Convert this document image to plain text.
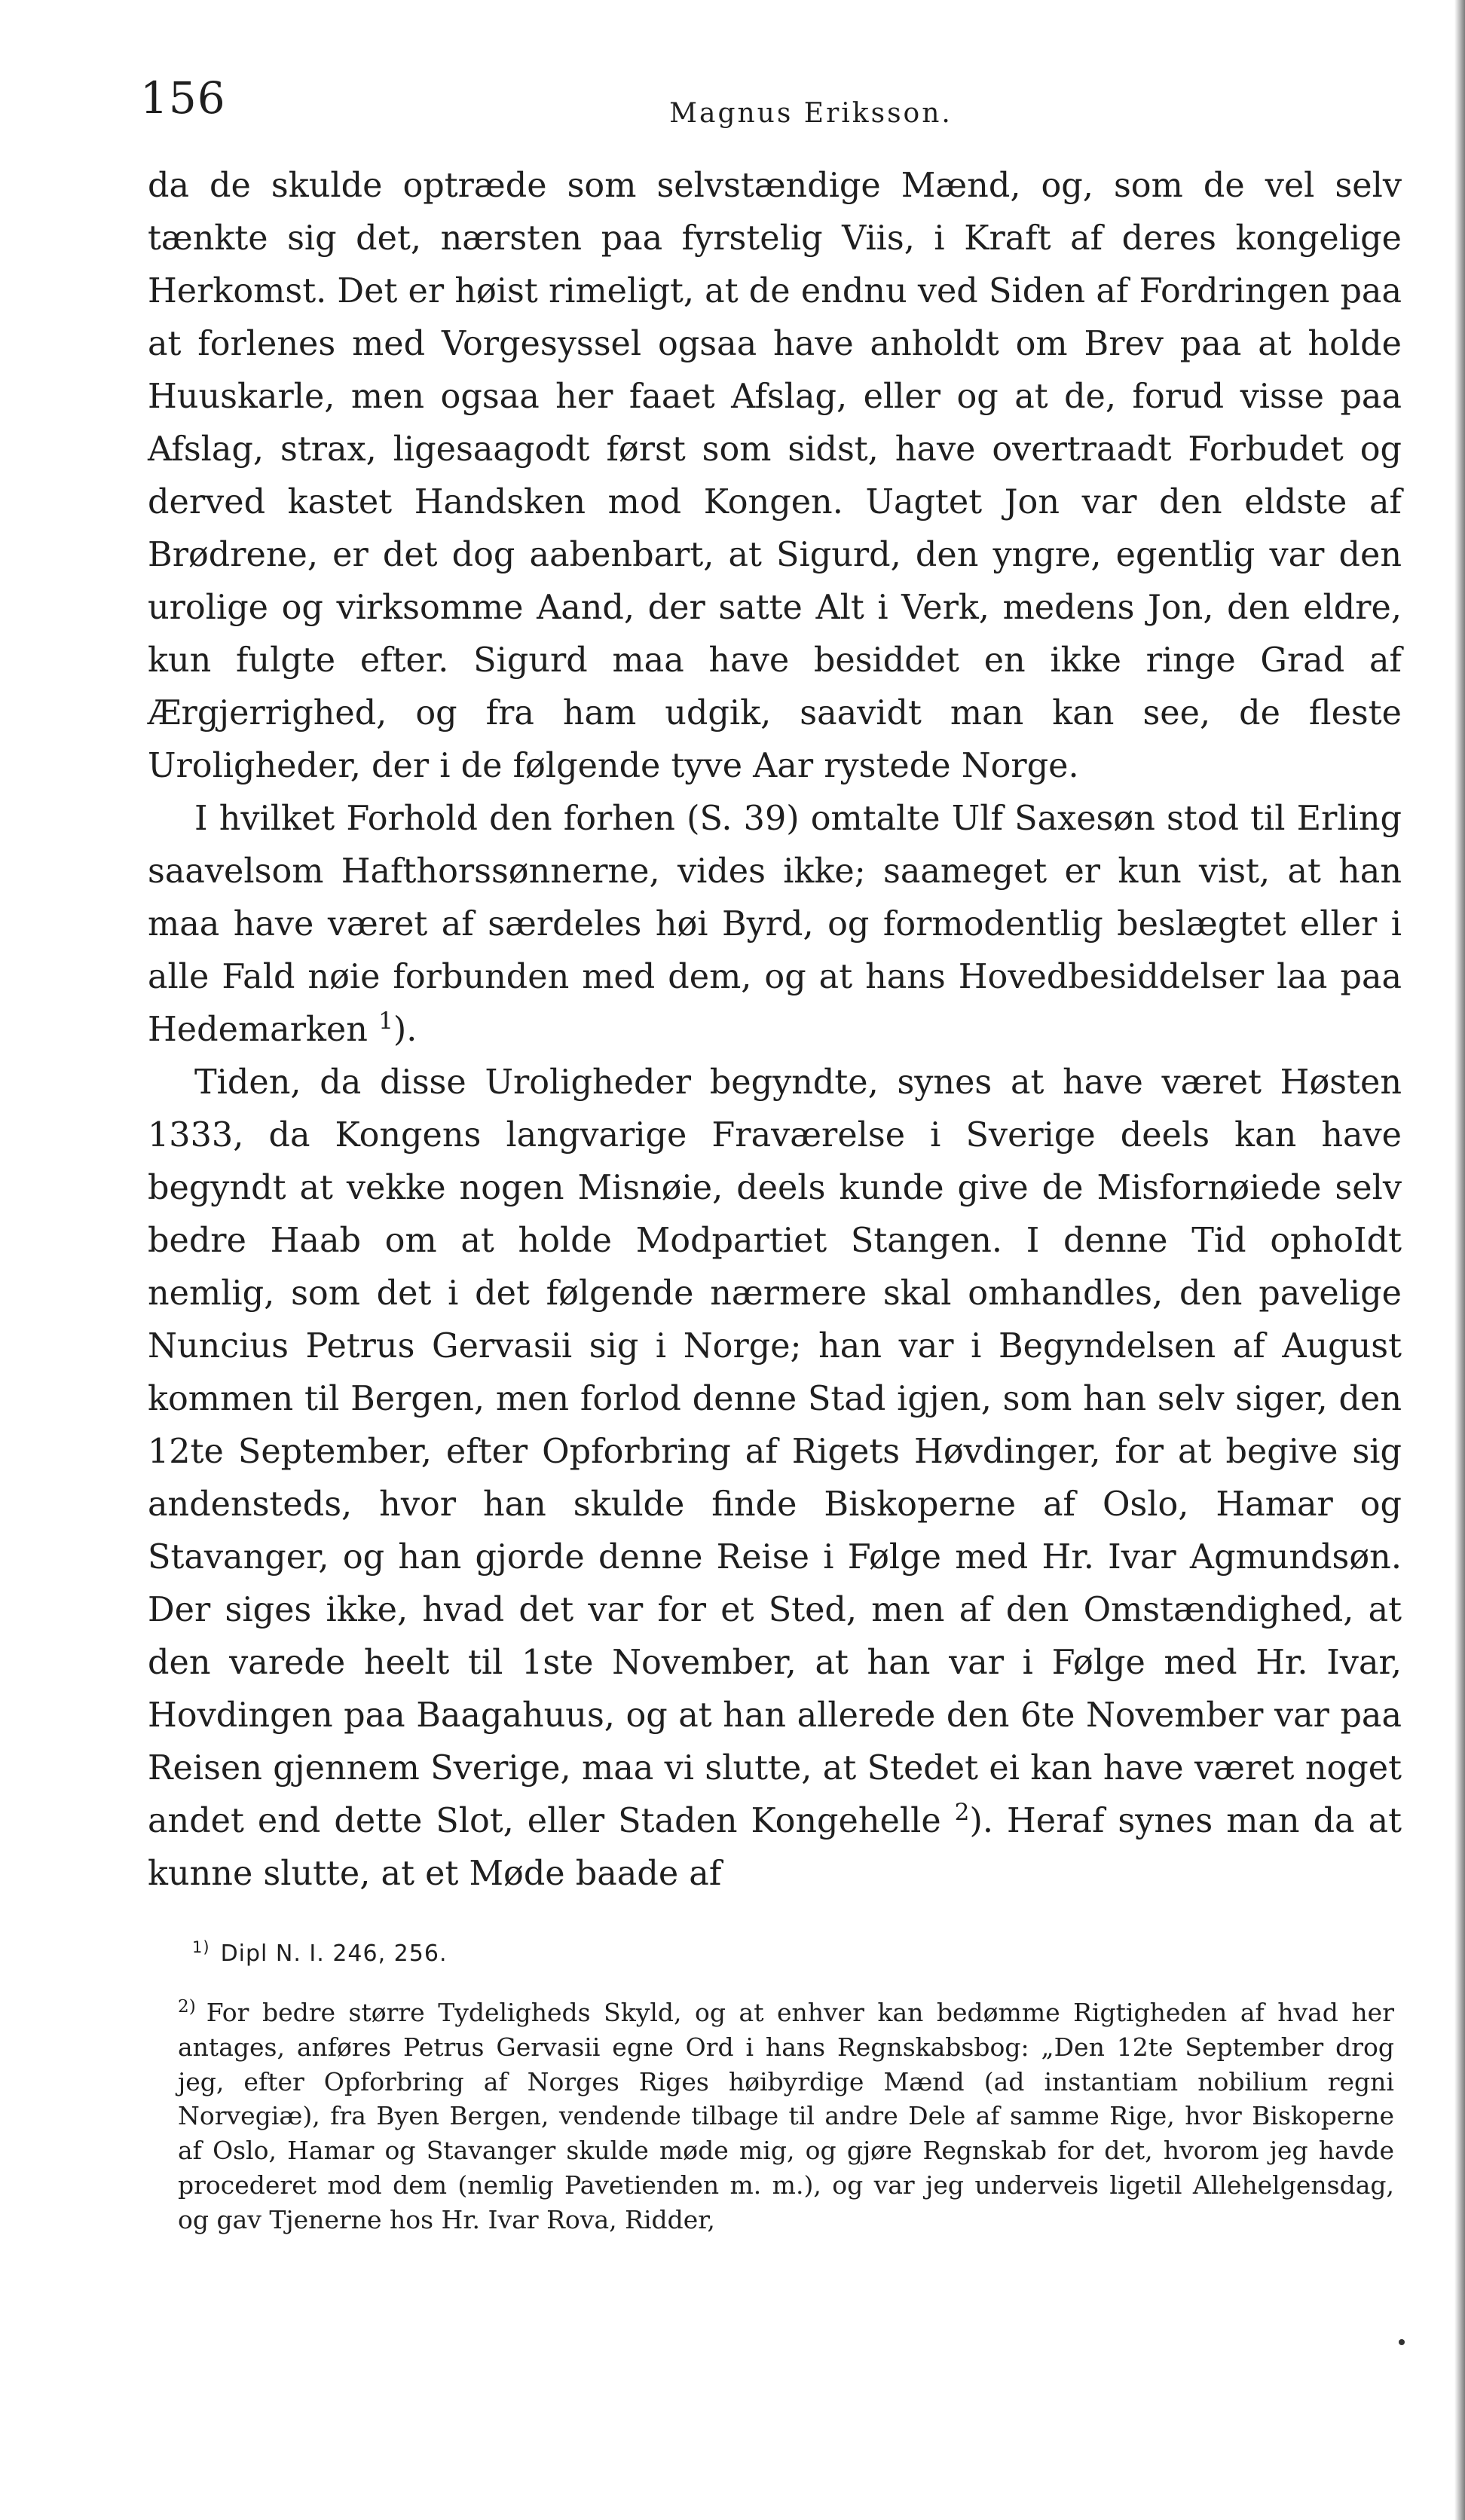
156	Magnus Eriksson.

da de skulde optræde som selvstændige Mænd, og, som de vel selv tænkte sig det, nærsten paa fyrstelig Viis, i Kraft af deres kongelige Herkomst. Det er høist rimeligt, at de endnu ved Siden af Fordringen paa at forlenes med Vorgesyssel ogsaa have anholdt om Brev paa at holde Huuskarle, men ogsaa her faaet Afslag, eller og at de, forud visse paa Afslag, strax, ligesaagodt først som sidst, have overtraadt Forbudet og derved kastet Handsken mod Kongen. Uagtet Jon var den eldste af Brødrene, er det dog aabenbart, at Sigurd, den yngre, egentlig var den urolige og virksomme Aand, der satte Alt i Verk, medens Jon, den eldre, kun fulgte efter. Sigurd maa have besiddet en ikke ringe Grad af Ærgjerrighed, og fra ham udgik, saavidt man kan see, de fleste Uroligheder, der i de følgende tyve Aar rystede Norge.

I hvilket Forhold den forhen (S. 39) omtalte Ulf Saxesøn stod til Erling saavelsom Hafthorssønnerne, vides ikke; saameget er kun vist, at han maa have været af særdeles høi Byrd, og formodentlig beslægtet eller i alle Fald nøie forbunden med dem, og at hans Hovedbesiddelser laa paa Hedemarken $^1$).

Tiden, da disse Uroligheder begyndte, synes at have været Høsten 1333, da Kongens langvarige Fraværelse i Sverige deels kan have begyndt at vekke nogen Misnøie, deels kunde give de Misfornøiede selv bedre Haab om at holde Modpartiet Stangen. I denne Tid ophoIdt nemlig, som det i det følgende nærmere skal omhandles, den pavelige Nuncius Petrus Gervasii sig i Norge; han var i Begyndelsen af August kommen til Bergen, men forlod denne Stad igjen, som han selv siger, den 12te September, efter Opforbring af Rigets Høvdinger, for at begive sig andensteds, hvor han skulde finde Biskoperne af Oslo, Hamar og Stavanger, og han gjorde denne Reise i Følge med Hr. Ivar Agmundsøn. Der siges ikke, hvad det var for et Sted, men af den Omstændighed, at den varede heelt til 1ste November, at han var i Følge med Hr. Ivar, Hovdingen paa Baagahuus, og at han allerede den 6te November var paa Reisen gjennem Sverige, maa vi slutte, at Stedet ei kan have været noget andet end dette Slot, eller Staden Kongehelle $^2$). Heraf synes man da at kunne slutte, at et Møde baade af

$^{1)}$ Dipl N. I. 246, 256.
$^{2)}$ For bedre større Tydeligheds Skyld, og at enhver kan bedømme Rigtigheden af hvad her antages, anføres Petrus Gervasii egne Ord i hans Regnskabsbog: „Den 12te September drog jeg, efter Opforbring af Norges Riges høibyrdige Mænd (ad instantiam nobilium regni Norvegiæ), fra Byen Bergen, vendende tilbage til andre Dele af samme Rige, hvor Biskoperne af Oslo, Hamar og Stavanger skulde møde mig, og gjøre Regnskab for det, hvorom jeg havde procederet mod dem (nemlig Pavetienden m. m.), og var jeg underveis ligetil Allehelgensdag, og gav Tjenerne hos Hr. Ivar Rova, Ridder,
